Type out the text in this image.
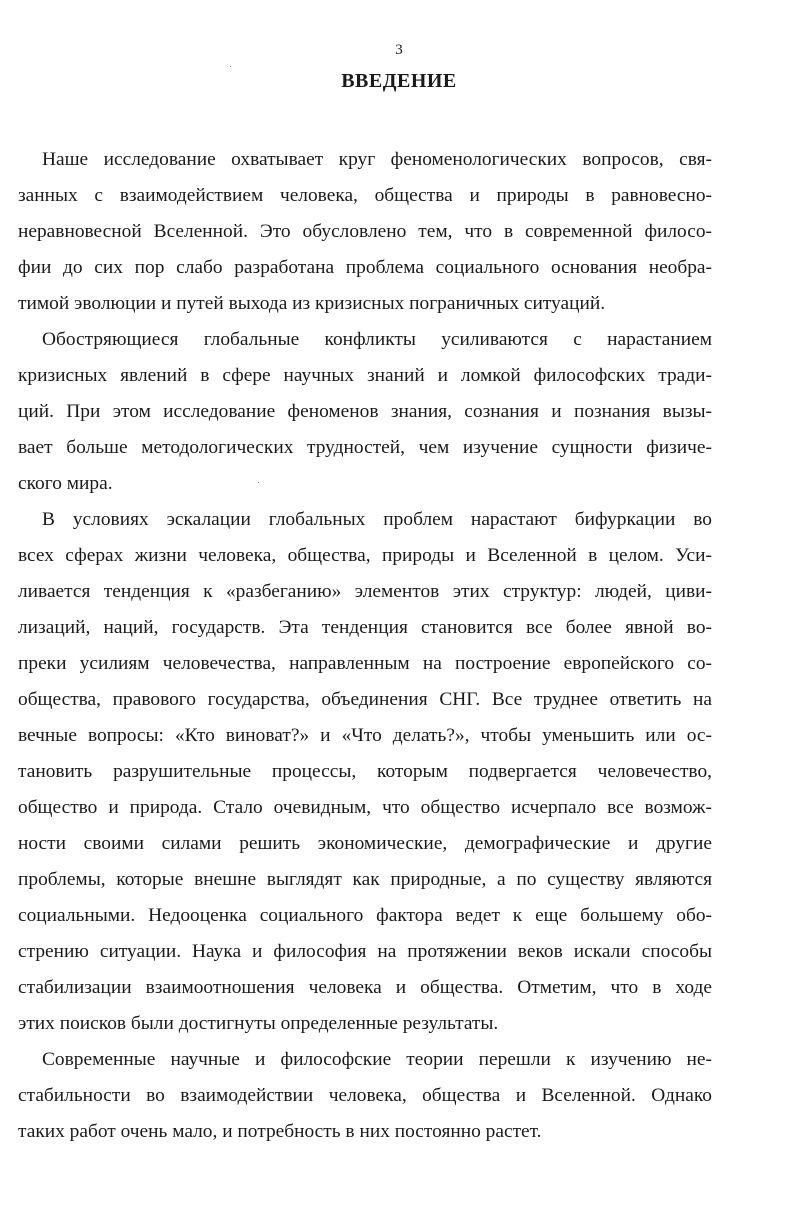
3
ВВЕДЕНИЕ
Наше исследование охватывает круг феноменологических вопросов, свя-
занных с взаимодействием человека, общества и природы в равновесно-
неравновесной Вселенной. Это обусловлено тем, что в современной филосо-
фии до сих пор слабо разработана проблема социального основания необра-
тимой эволюции и путей выхода из кризисных пограничных ситуаций.
Обостряющиеся глобальные конфликты усиливаются с нарастанием
кризисных явлений в сфере научных знаний и ломкой философских тради-
ций. При этом исследование феноменов знания, сознания и познания вызы-
вает больше методологических трудностей, чем изучение сущности физиче-
ского мира.
В условиях эскалации глобальных проблем нарастают бифуркации во
всех сферах жизни человека, общества, природы и Вселенной в целом. Уси-
ливается тенденция к «разбеганию» элементов этих структур: людей, циви-
лизаций, наций, государств. Эта тенденция становится все более явной во-
преки усилиям человечества, направленным на построение европейского со-
общества, правового государства, объединения СНГ. Все труднее ответить на
вечные вопросы: «Кто виноват?» и «Что делать?», чтобы уменьшить или ос-
тановить разрушительные процессы, которым подвергается человечество,
общество и природа. Стало очевидным, что общество исчерпало все возмож-
ности своими силами решить экономические, демографические и другие
проблемы, которые внешне выглядят как природные, а по существу являются
социальными. Недооценка социального фактора ведет к еще большему обо-
стрению ситуации. Наука и философия на протяжении веков искали способы
стабилизации взаимоотношения человека и общества. Отметим, что в ходе
этих поисков были достигнуты определенные результаты.
Современные научные и философские теории перешли к изучению не-
стабильности во взаимодействии человека, общества и Вселенной. Однако
таких работ очень мало, и потребность в них постоянно растет.
